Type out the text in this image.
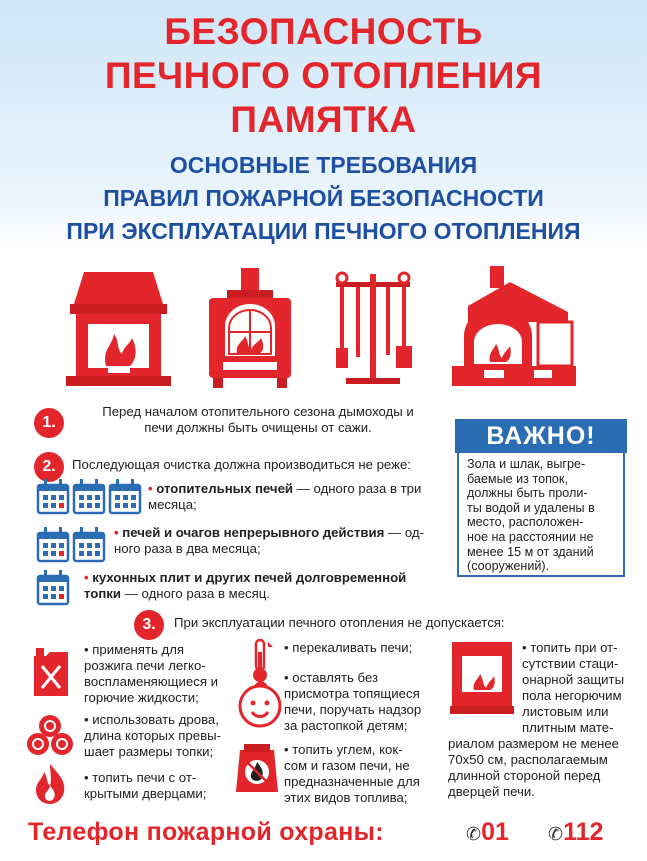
БЕЗОПАСНОСТЬ
ПЕЧНОГО ОТОПЛЕНИЯ
ПАМЯТКА
ОСНОВНЫЕ ТРЕБОВАНИЯ
ПРАВИЛ ПОЖАРНОЙ БЕЗОПАСНОСТИ
ПРИ ЭКСПЛУАТАЦИИ ПЕЧНОГО ОТОПЛЕНИЯ
1.
Перед началом отопительного сезона дымоходы и
печи должны быть очищены от сажи.
2.	Последующая очистка должна производиться не реже:
• отопительных печей — одного раза в три
месяца;
• печей и очагов непрерывного действия — од-
ного раза в два месяца;
• кухонных плит и других печей долговременной
топки — одного раза в месяц.
ВАЖНО!
Зола и шлак, выгре-
баемые из топок,
должны быть проли-
ты водой и удалены в
место, расположен-
ное на расстоянии не
менее 15 м от зданий
(сооружений).
3.	При эксплуатации печного отопления не допускается:
• применять для
розжига печи легко-
воспламеняющиеся и
горючие жидкости;
• использовать дрова,
длина которых превы-
шает размеры топки;
• топить печи с от-
крытыми дверцами;
• перекаливать печи;
• оставлять без
присмотра топящиеся
печи, поручать надзор
за растопкой детям;
• топить углем, кок-
сом и газом печи, не
предназначенные для
этих видов топлива;
• топить при от-
сутствии стаци-
онарной защиты
пола негорючим
листовым или
плитным мате-
риалом размером не менее
70х50 см, располагаемым
длинной стороной перед
дверцей печи.
Телефон пожарной охраны:	✆01 ✆112
